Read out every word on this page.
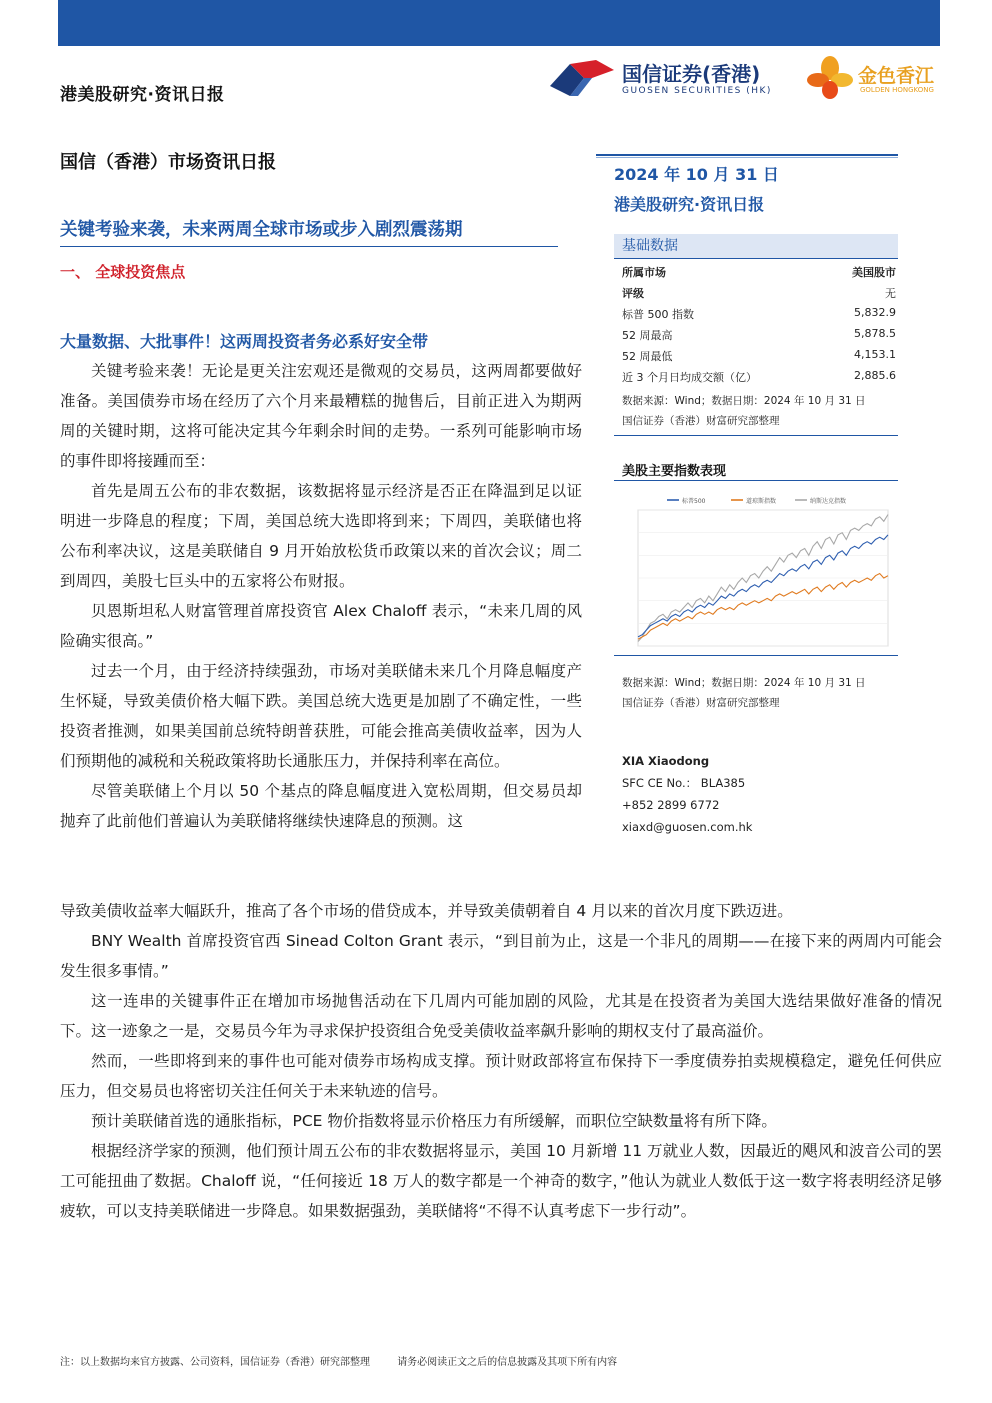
港美股研究·资讯日报
国信证券(香港)
GUOSEN SECURITIES (HK)
金色香江
GOLDEN HONGKONG
国信（香港）市场资讯日报
2024 年 10 月 31 日
港美股研究·资讯日报
关键考验来袭，未来两周全球市场或步入剧烈震荡期
一、 全球投资焦点
大量数据、大批事件！这两周投资者务必系好安全带

关键考验来袭！无论是更关注宏观还是微观的交易员，这两周都要做好准备。美国债券市场在经历了六个月来最糟糕的抛售后，目前正进入为期两周的关键时期，这将可能决定其今年剩余时间的走势。一系列可能影响市场的事件即将接踵而至：

首先是周五公布的非农数据，该数据将显示经济是否正在降温到足以证明进一步降息的程度；下周，美国总统大选即将到来；下周四，美联储也将公布利率决议，这是美联储自 9 月开始放松货币政策以来的首次会议；周二到周四，美股七巨头中的五家将公布财报。

贝恩斯坦私人财富管理首席投资官 Alex Chaloff 表示，“未来几周的风险确实很高。”

过去一个月，由于经济持续强劲，市场对美联储未来几个月降息幅度产生怀疑，导致美债价格大幅下跌。美国总统大选更是加剧了不确定性，一些投资者推测，如果美国前总统特朗普获胜，可能会推高美债收益率，因为人们预期他的减税和关税政策将助长通胀压力，并保持利率在高位。

尽管美联储上个月以 50 个基点的降息幅度进入宽松周期，但交易员却抛弃了此前他们普遍认为美联储将继续快速降息的预测。这

导致美债收益率大幅跃升，推高了各个市场的借贷成本，并导致美债朝着自 4 月以来的首次月度下跌迈进。

BNY Wealth 首席投资官西 Sinead Colton Grant 表示，“到目前为止，这是一个非凡的周期——在接下来的两周内可能会发生很多事情。”

这一连串的关键事件正在增加市场抛售活动在下几周内可能加剧的风险，尤其是在投资者为美国大选结果做好准备的情况下。这一迹象之一是，交易员今年为寻求保护投资组合免受美债收益率飙升影响的期权支付了最高溢价。

然而，一些即将到来的事件也可能对债券市场构成支撑。预计财政部将宣布保持下一季度债券拍卖规模稳定，避免任何供应压力，但交易员也将密切关注任何关于未来轨迹的信号。

预计美联储首选的通胀指标，PCE 物价指数将显示价格压力有所缓解，而职位空缺数量将有所下降。

根据经济学家的预测，他们预计周五公布的非农数据将显示，美国 10 月新增 11 万就业人数，因最近的飓风和波音公司的罢工可能扭曲了数据。Chaloff 说，“任何接近 18 万人的数字都是一个神奇的数字，”他认为就业人数低于这一数字将表明经济足够疲软，可以支持美联储进一步降息。如果数据强劲，美联储将“不得不认真考虑下一步行动”。

基础数据
所属市场	美国股市
评级	无
标普 500 指数	5,832.9
52 周最高	5,878.5
52 周最低	4,153.1
近 3 个月日均成交额（亿）	2,885.6
数据来源：Wind；数据日期：2024 年 10 月 31 日
国信证券（香港）财富研究部整理
美股主要指数表现
标普500	道琼斯指数	纳斯达克指数
数据来源：Wind；数据日期：2024 年 10 月 31 日
国信证券（香港）财富研究部整理
XIA Xiaodong
SFC CE No.： BLA385
+852 2899 6772
xiaxd@guosen.com.hk
注：以上数据均来官方披露、公司资料，国信证券（香港）研究部整理	请务必阅读正文之后的信息披露及其项下所有内容
